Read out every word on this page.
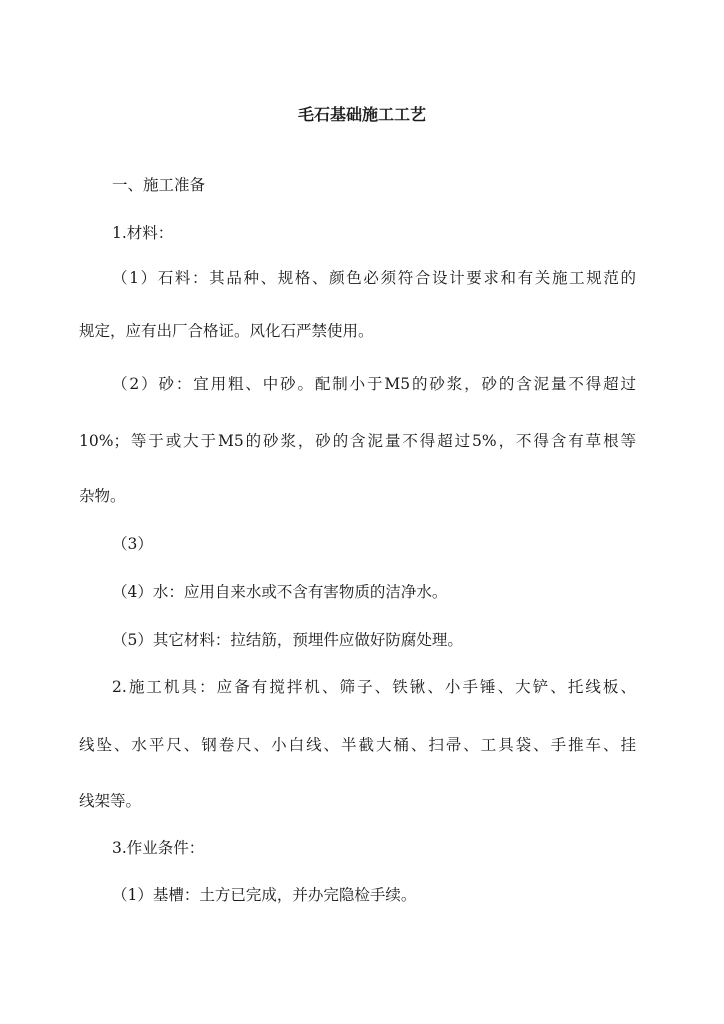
毛石基础施工工艺
一、施工准备
1.材料：
（1）石料：其品种、规格、颜色必须符合设计要求和有关施工规范的
规定，应有出厂合格证。风化石严禁使用。
（2）砂：宜用粗、中砂。配制小于M5的砂浆，砂的含泥量不得超过
10%；等于或大于M5的砂浆，砂的含泥量不得超过5%，不得含有草根等
杂物。
（3）
（4）水：应用自来水或不含有害物质的洁净水。
（5）其它材料：拉结筋，预埋件应做好防腐处理。
2.施工机具：应备有搅拌机、筛子、铁锹、小手锤、大铲、托线板、
线坠、水平尺、钢卷尺、小白线、半截大桶、扫帚、工具袋、手推车、挂
线架等。
3.作业条件：
（1）基槽：土方已完成，并办完隐检手续。
